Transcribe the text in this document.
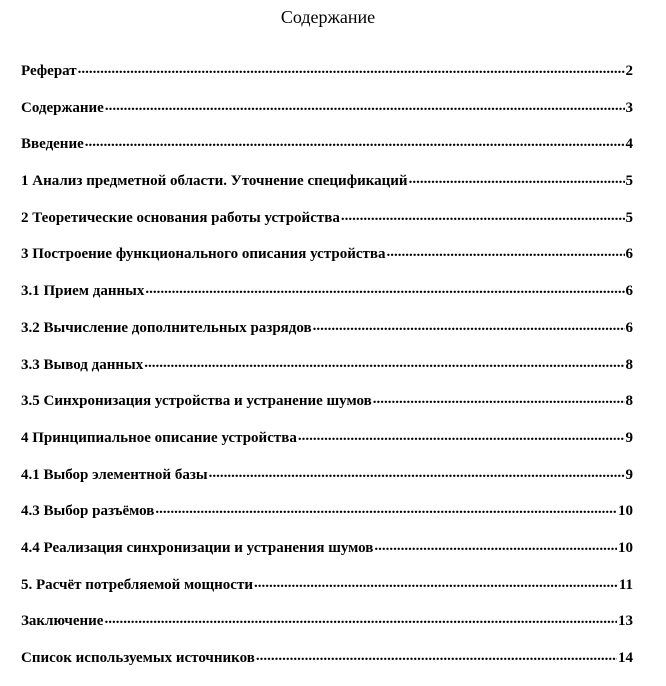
Содержание
Реферат .....	2
Содержание .....	3
Введение .....	4
1 Анализ предметной области. Уточнение спецификаций .....	5
2 Теоретические основания работы устройства .....	5
3 Построение функционального описания устройства .....	6
3.1 Прием данных .....	6
3.2 Вычисление дополнительных разрядов .....	6
3.3 Вывод данных .....	8
3.5 Синхронизация устройства и устранение шумов .....	8
4 Принципиальное описание устройства .....	9
4.1 Выбор элементной базы .....	9
4.3 Выбор разъёмов .....	10
4.4 Реализация синхронизации и устранения шумов .....	10
5. Расчёт потребляемой мощности .....	11
Заключение .....	13
Список используемых источников .....	14
